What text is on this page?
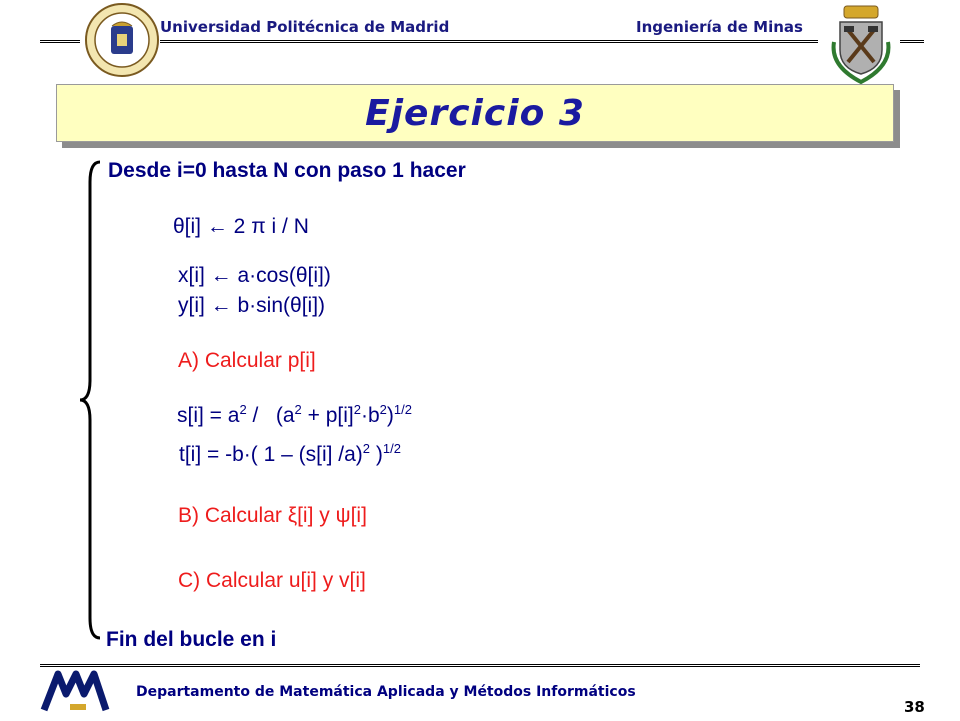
Universidad Politécnica de Madrid	Ingeniería de Minas
Ejercicio 3
Desde i=0 hasta N con paso 1 hacer
θ[i] ← 2 π i / N
x[i] ← a·cos(θ[i])
y[i] ← b·sin(θ[i])
A) Calcular p[i]
$s[i] = a^2 / (a^2 + p[i]^2\cdot b^2)^{1/2}$
t[i] = -b·( 1 – (s[i] /a)$^2$ )$^{1/2}$
B) Calcular ξ[i] y ψ[i]
C) Calcular u[i] y v[i]
Fin del bucle en i
Departamento de Matemática Aplicada y Métodos Informáticos
38
